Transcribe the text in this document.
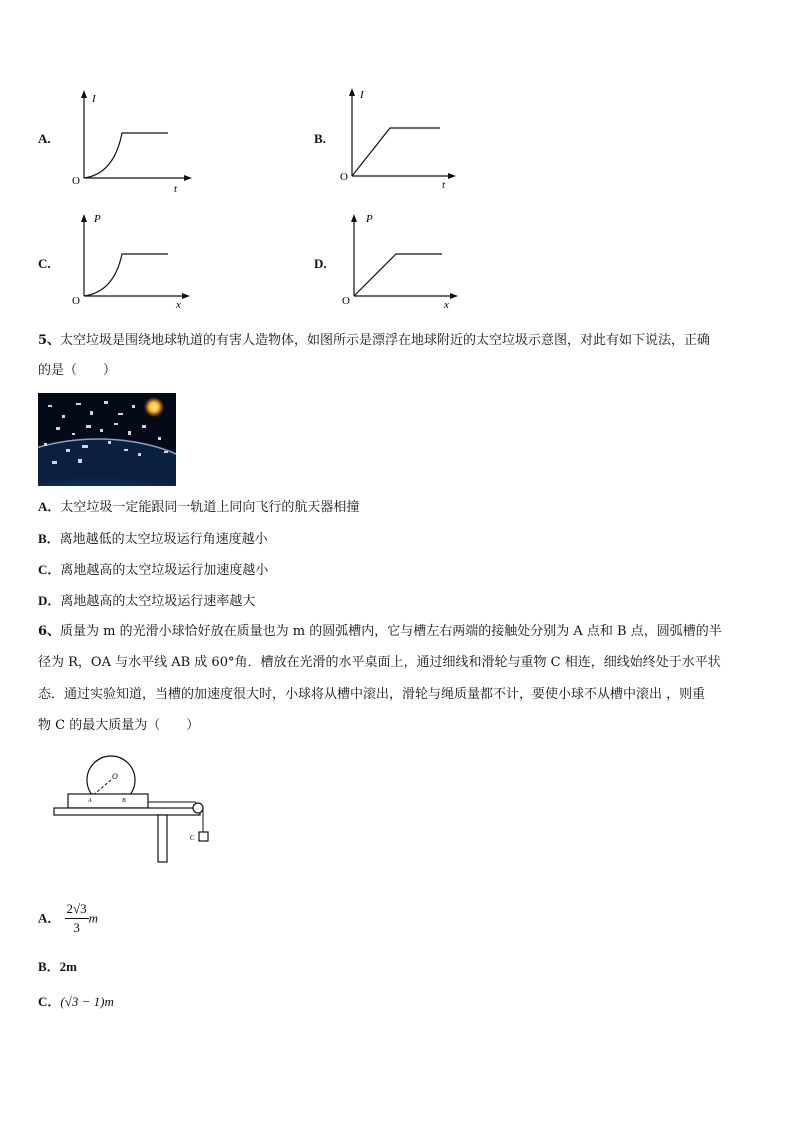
A.
I
t
O
B.
I
t
O
C.
P
x
O
D.
P
x
O
5、太空垃圾是围绕地球轨道的有害人造物体，如图所示是漂浮在地球附近的太空垃圾示意图，对此有如下说法，正确
的是（　　）
A．太空垃圾一定能跟同一轨道上同向飞行的航天器相撞
B．离地越低的太空垃圾运行角速度越小
C．离地越高的太空垃圾运行加速度越小
D．离地越高的太空垃圾运行速率越大
6、质量为 m 的光滑小球恰好放在质量也为 m 的圆弧槽内，它与槽左右两端的接触处分别为 A 点和 B 点，圆弧槽的半
径为 R，OA 与水平线 AB 成 60°角．槽放在光滑的水平桌面上，通过细线和滑轮与重物 C 相连，细线始终处于水平状
态．通过实验知道，当槽的加速度很大时，小球将从槽中滚出，滑轮与绳质量都不计，要使小球不从槽中滚出 ，则重
物 C 的最大质量为（　　）
O
A	B
C
A． $\frac{2√3}{3}$ m
B．2m
C．(√3 − 1)m
